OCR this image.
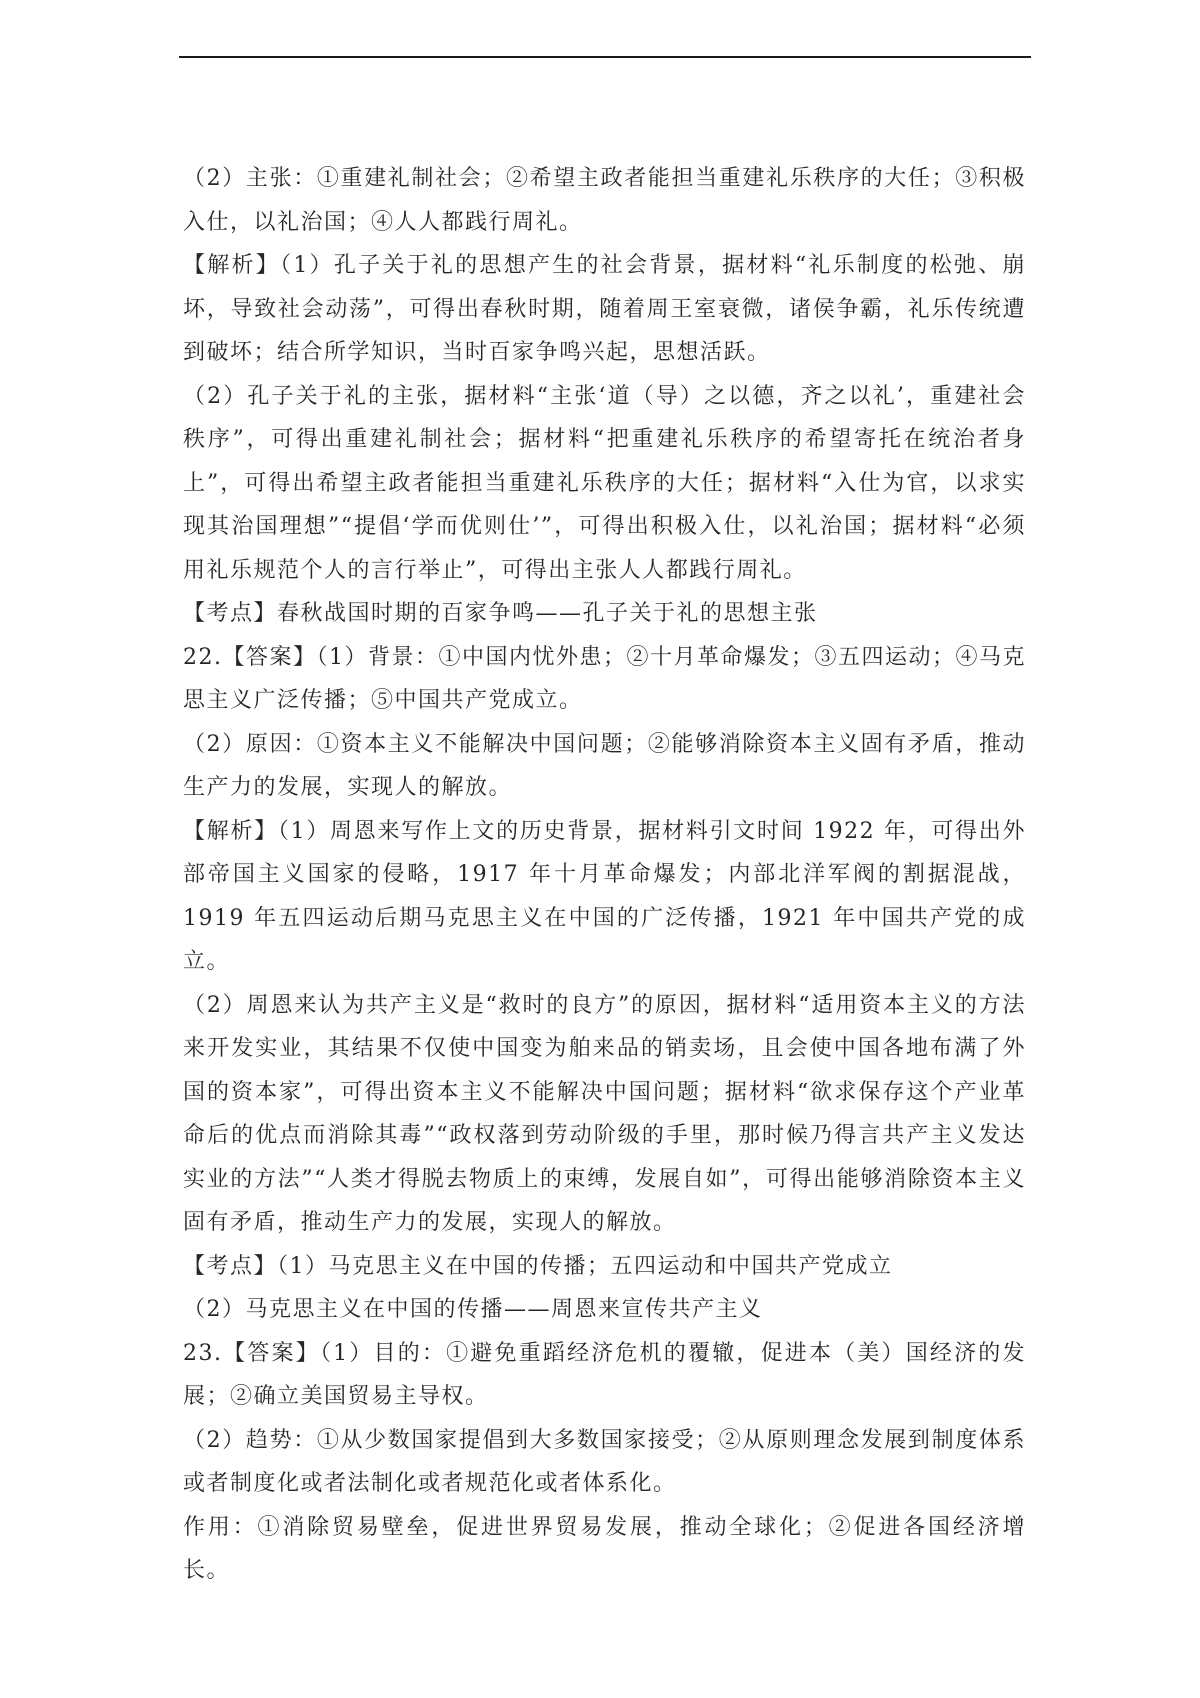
（2）主张：①重建礼制社会；②希望主政者能担当重建礼乐秩序的大任；③积极入仕，以礼治国；④人人都践行周礼。

【解析】（1）孔子关于礼的思想产生的社会背景，据材料“礼乐制度的松弛、崩坏，导致社会动荡”，可得出春秋时期，随着周王室衰微，诸侯争霸，礼乐传统遭到破坏；结合所学知识，当时百家争鸣兴起，思想活跃。

（2）孔子关于礼的主张，据材料“主张‘道（导）之以德，齐之以礼’，重建社会秩序”，可得出重建礼制社会；据材料“把重建礼乐秩序的希望寄托在统治者身上”，可得出希望主政者能担当重建礼乐秩序的大任；据材料“入仕为官，以求实现其治国理想”“提倡‘学而优则仕’”，可得出积极入仕，以礼治国；据材料“必须用礼乐规范个人的言行举止”，可得出主张人人都践行周礼。

【考点】春秋战国时期的百家争鸣——孔子关于礼的思想主张

22.【答案】（1）背景：①中国内忧外患；②十月革命爆发；③五四运动；④马克思主义广泛传播；⑤中国共产党成立。

（2）原因：①资本主义不能解决中国问题；②能够消除资本主义固有矛盾，推动生产力的发展，实现人的解放。

【解析】（1）周恩来写作上文的历史背景，据材料引文时间 1922 年，可得出外部帝国主义国家的侵略，1917 年十月革命爆发；内部北洋军阀的割据混战，1919 年五四运动后期马克思主义在中国的广泛传播，1921 年中国共产党的成立。

（2）周恩来认为共产主义是“救时的良方”的原因，据材料“适用资本主义的方法来开发实业，其结果不仅使中国变为舶来品的销卖场，且会使中国各地布满了外国的资本家”，可得出资本主义不能解决中国问题；据材料“欲求保存这个产业革命后的优点而消除其毒”“政权落到劳动阶级的手里，那时候乃得言共产主义发达实业的方法”“人类才得脱去物质上的束缚，发展自如”，可得出能够消除资本主义固有矛盾，推动生产力的发展，实现人的解放。

【考点】（1）马克思主义在中国的传播；五四运动和中国共产党成立

（2）马克思主义在中国的传播——周恩来宣传共产主义

23.【答案】（1）目的：①避免重蹈经济危机的覆辙，促进本（美）国经济的发展；②确立美国贸易主导权。

（2）趋势：①从少数国家提倡到大多数国家接受；②从原则理念发展到制度体系或者制度化或者法制化或者规范化或者体系化。

作用：①消除贸易壁垒，促进世界贸易发展，推动全球化；②促进各国经济增长。
